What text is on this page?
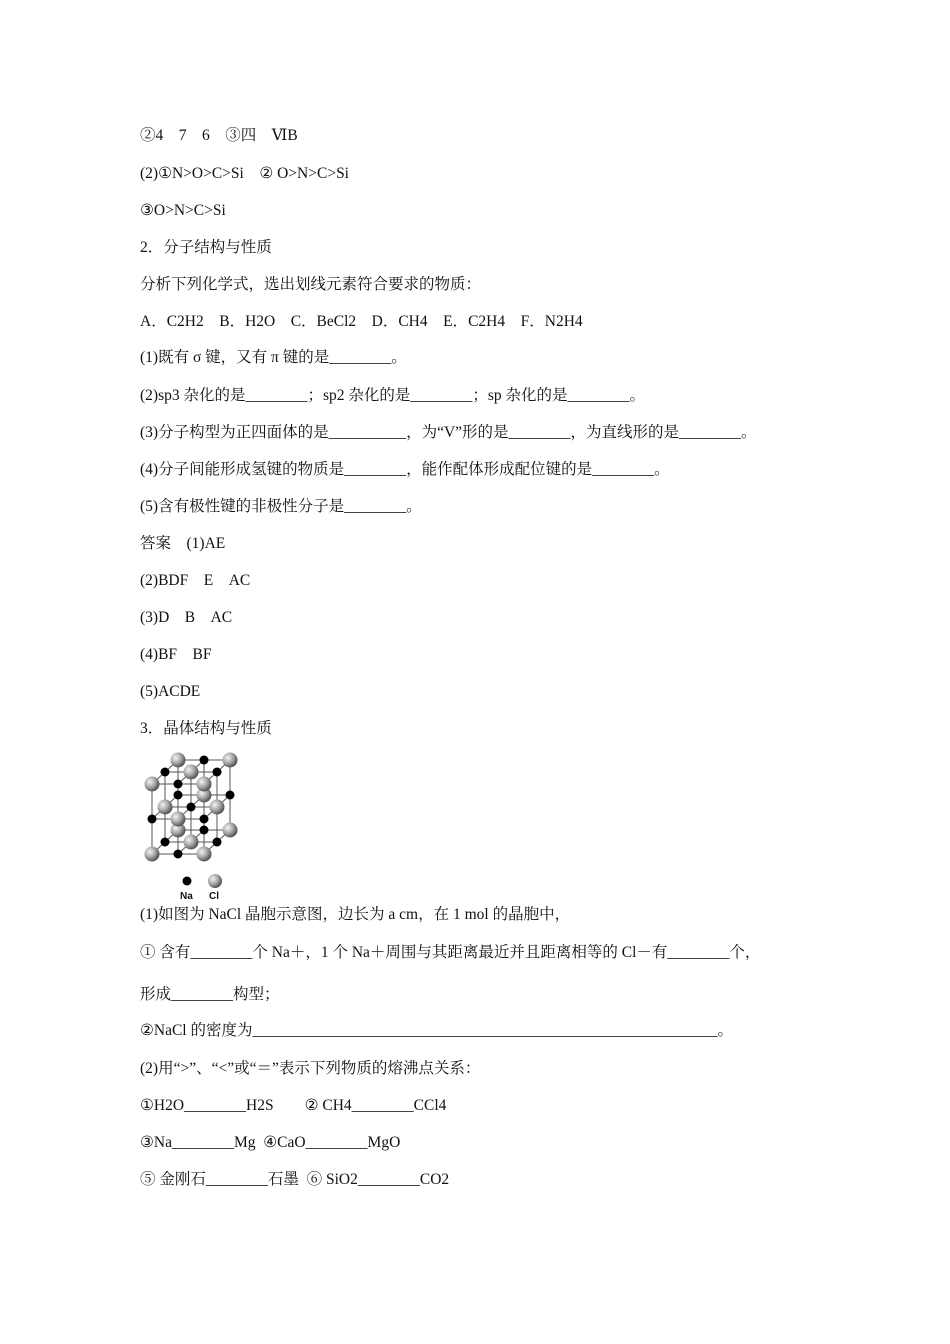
②4　7　6　③四　ⅥB
(2)①N>O>C>Si　② O>N>C>Si
③O>N>C>Si
2．分子结构与性质
分析下列化学式，选出划线元素符合要求的物质：
A．C2H2　B．H2O　C．BeCl2　D．CH4　E．C2H4　F．N2H4
(1)既有 σ 键，又有 π 键的是________。
(2)sp3 杂化的是________；sp2 杂化的是________；sp 杂化的是________。
(3)分子构型为正四面体的是__________，为“V”形的是________，为直线形的是________。
(4)分子间能形成氢键的物质是________，能作配体形成配位键的是________。
(5)含有极性键的非极性分子是________。
答案　(1)AE
(2)BDF　E　AC
(3)D　B　AC
(4)BF　BF
(5)ACDE
3．晶体结构与性质
Na Cl
(1)如图为 NaCl 晶胞示意图，边长为 a cm，在 1 mol 的晶胞中，
① 含有________个 Na＋，1 个 Na＋周围与其距离最近并且距离相等的 Cl－有________个，
形成________构型；
②NaCl 的密度为____________________________________________________________。
(2)用“>”、“<”或“＝”表示下列物质的熔沸点关系：
①H2O________H2S　　② CH4________CCl4
③Na________Mg  ④CaO________MgO
⑤ 金刚石________石墨  ⑥ SiO2________CO2
